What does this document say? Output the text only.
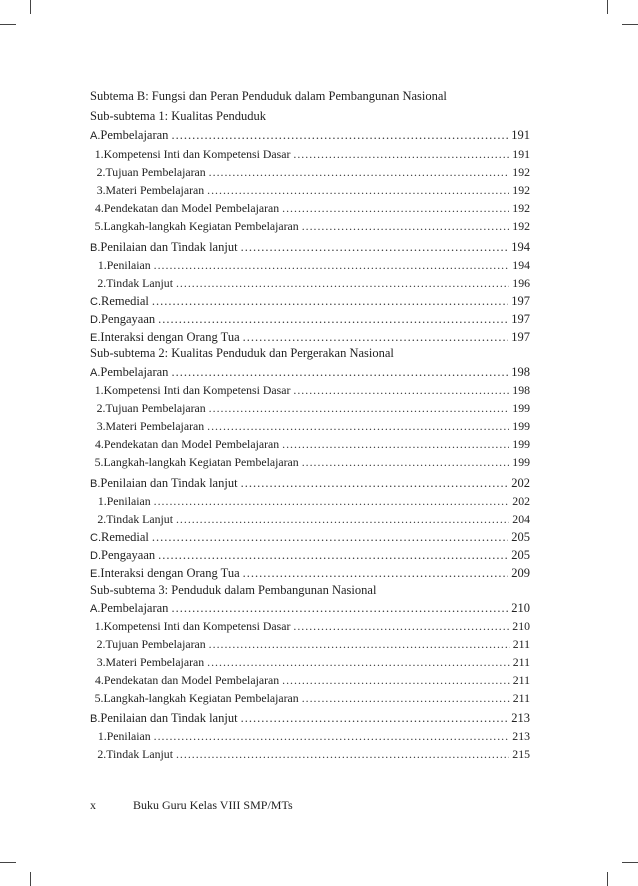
Subtema B: Fungsi dan Peran Penduduk dalam Pembangunan Nasional
Sub-subtema 1: Kualitas Penduduk
A. Pembelajaran .....	191
1. Kompetensi Inti dan Kompetensi Dasar .....	191
2. Tujuan Pembelajaran .....	192
3. Materi Pembelajaran .....	192
4. Pendekatan dan Model Pembelajaran .....	192
5. Langkah-langkah Kegiatan Pembelajaran .....	192
B. Penilaian dan Tindak lanjut .....	194
1. Penilaian .....	194
2. Tindak Lanjut .....	196
C. Remedial .....	197
D. Pengayaan .....	197
E. Interaksi dengan Orang Tua .....	197
Sub-subtema 2: Kualitas Penduduk dan Pergerakan Nasional
A. Pembelajaran .....	198
1. Kompetensi Inti dan Kompetensi Dasar .....	198
2. Tujuan Pembelajaran .....	199
3. Materi Pembelajaran .....	199
4. Pendekatan dan Model Pembelajaran .....	199
5. Langkah-langkah Kegiatan Pembelajaran .....	199
B. Penilaian dan Tindak lanjut .....	202
1. Penilaian .....	202
2. Tindak Lanjut .....	204
C. Remedial .....	205
D. Pengayaan .....	205
E. Interaksi dengan Orang Tua .....	209
Sub-subtema 3: Penduduk dalam Pembangunan Nasional
A. Pembelajaran .....	210
1. Kompetensi Inti dan Kompetensi Dasar .....	210
2. Tujuan Pembelajaran .....	211
3. Materi Pembelajaran .....	211
4. Pendekatan dan Model Pembelajaran .....	211
5. Langkah-langkah Kegiatan Pembelajaran .....	211
B. Penilaian dan Tindak lanjut .....	213
1. Penilaian .....	213
2. Tindak Lanjut .....	215
x	Buku Guru Kelas VIII SMP/MTs
